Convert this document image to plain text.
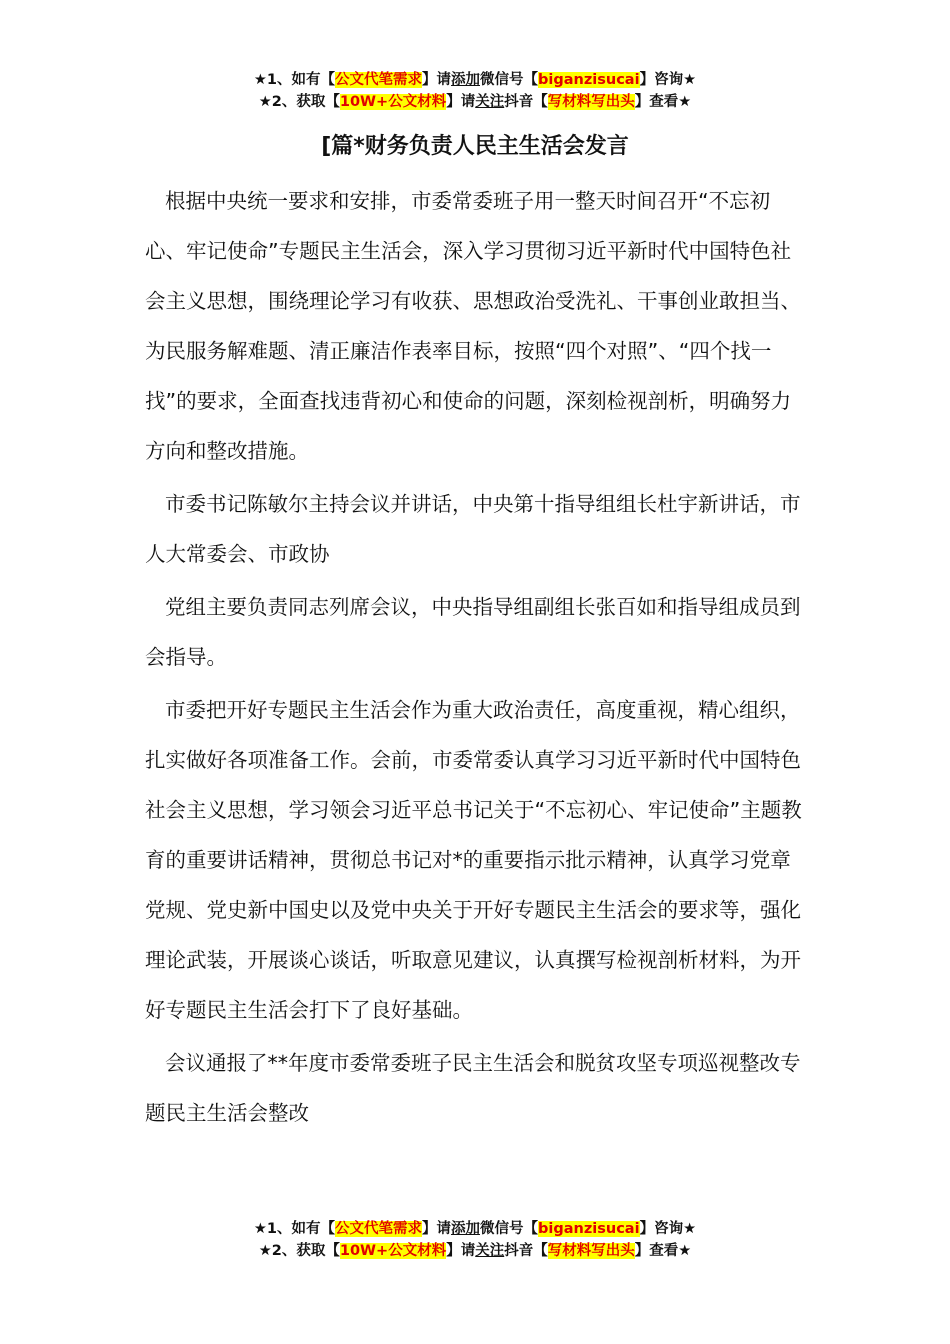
★1、如有【公文代笔需求】请添加微信号【biganzisucai】咨询★
★2、获取【10W+公文材料】请关注抖音【写材料写出头】查看★
[篇*财务负责人民主生活会发言

根据中央统一要求和安排，市委常委班子用一整天时间召开“不忘初心、牢记使命”专题民主生活会，深入学习贯彻习近平新时代中国特色社会主义思想，围绕理论学习有收获、思想政治受洗礼、干事创业敢担当、为民服务解难题、清正廉洁作表率目标，按照“四个对照”、“四个找一找”的要求，全面查找违背初心和使命的问题，深刻检视剖析，明确努力方向和整改措施。

市委书记陈敏尔主持会议并讲话，中央第十指导组组长杜宇新讲话，市人大常委会、市政协

党组主要负责同志列席会议，中央指导组副组长张百如和指导组成员到会指导。

市委把开好专题民主生活会作为重大政治责任，高度重视，精心组织，扎实做好各项准备工作。会前，市委常委认真学习习近平新时代中国特色社会主义思想，学习领会习近平总书记关于“不忘初心、牢记使命”主题教育的重要讲话精神，贯彻总书记对*的重要指示批示精神，认真学习党章党规、党史新中国史以及党中央关于开好专题民主生活会的要求等，强化理论武装，开展谈心谈话，听取意见建议，认真撰写检视剖析材料，为开好专题民主生活会打下了良好基础。

会议通报了**年度市委常委班子民主生活会和脱贫攻坚专项巡视整改专题民主生活会整改

★1、如有【公文代笔需求】请添加微信号【biganzisucai】咨询★
★2、获取【10W+公文材料】请关注抖音【写材料写出头】查看★
